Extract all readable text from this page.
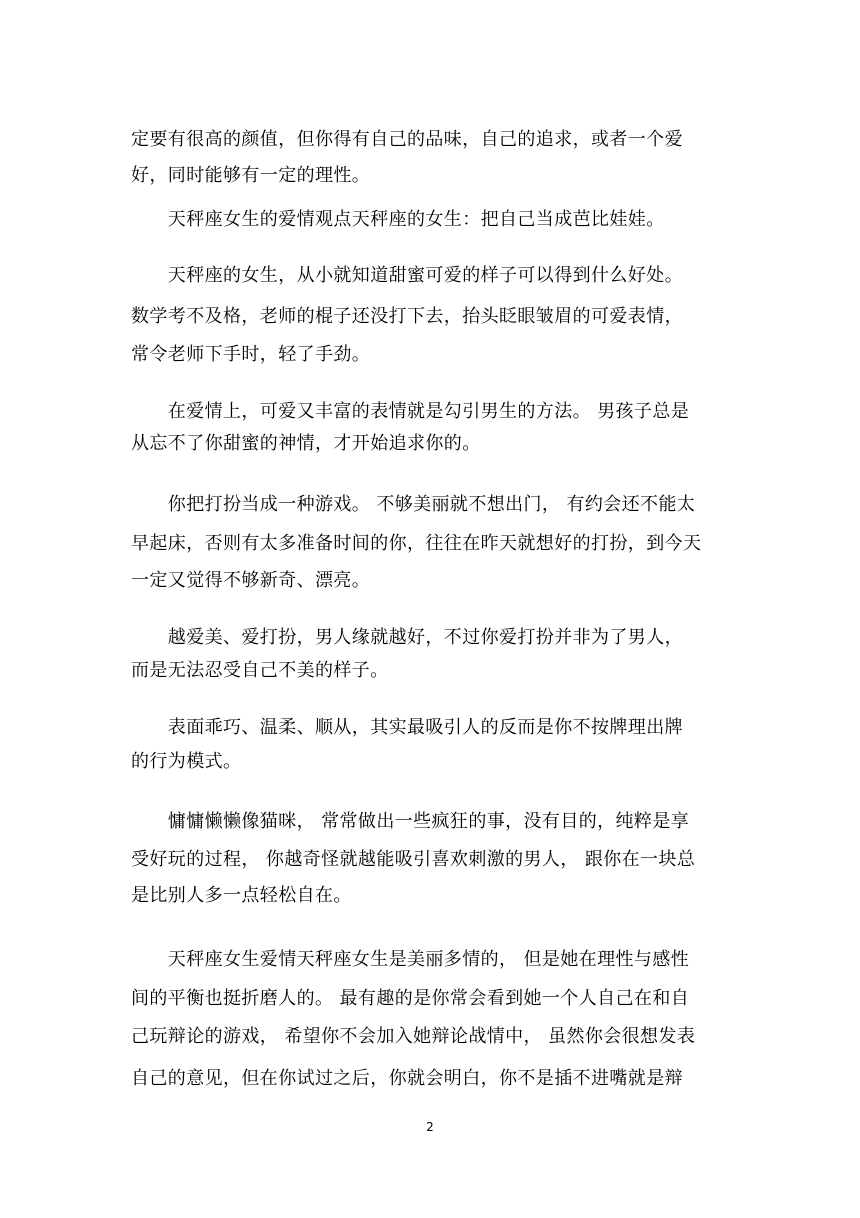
定要有很高的颜值，但你得有自己的品味，自己的追求，或者一个爱
好，同时能够有一定的理性。
　　天秤座女生的爱情观点天秤座的女生：把自己当成芭比娃娃。
　　天秤座的女生，从小就知道甜蜜可爱的样子可以得到什么好处。
数学考不及格，老师的棍子还没打下去，抬头眨眼皱眉的可爱表情，
常令老师下手时，轻了手劲。
　　在爱情上，可爱又丰富的表情就是勾引男生的方法。 男孩子总是
从忘不了你甜蜜的神情，才开始追求你的。
　　你把打扮当成一种游戏。 不够美丽就不想出门， 有约会还不能太
早起床，否则有太多准备时间的你，往往在昨天就想好的打扮，到今天
一定又觉得不够新奇、漂亮。
　　越爱美、爱打扮，男人缘就越好，不过你爱打扮并非为了男人，
而是无法忍受自己不美的样子。
　　表面乖巧、温柔、顺从，其实最吸引人的反而是你不按牌理出牌
的行为模式。
　　慵慵懒懒像猫咪， 常常做出一些疯狂的事，没有目的，纯粹是享
受好玩的过程， 你越奇怪就越能吸引喜欢刺激的男人， 跟你在一块总
是比别人多一点轻松自在。
　　天秤座女生爱情天秤座女生是美丽多情的， 但是她在理性与感性
间的平衡也挺折磨人的。 最有趣的是你常会看到她一个人自己在和自
己玩辩论的游戏， 希望你不会加入她辩论战情中， 虽然你会很想发表
自己的意见，但在你试过之后，你就会明白，你不是插不进嘴就是辩
2
